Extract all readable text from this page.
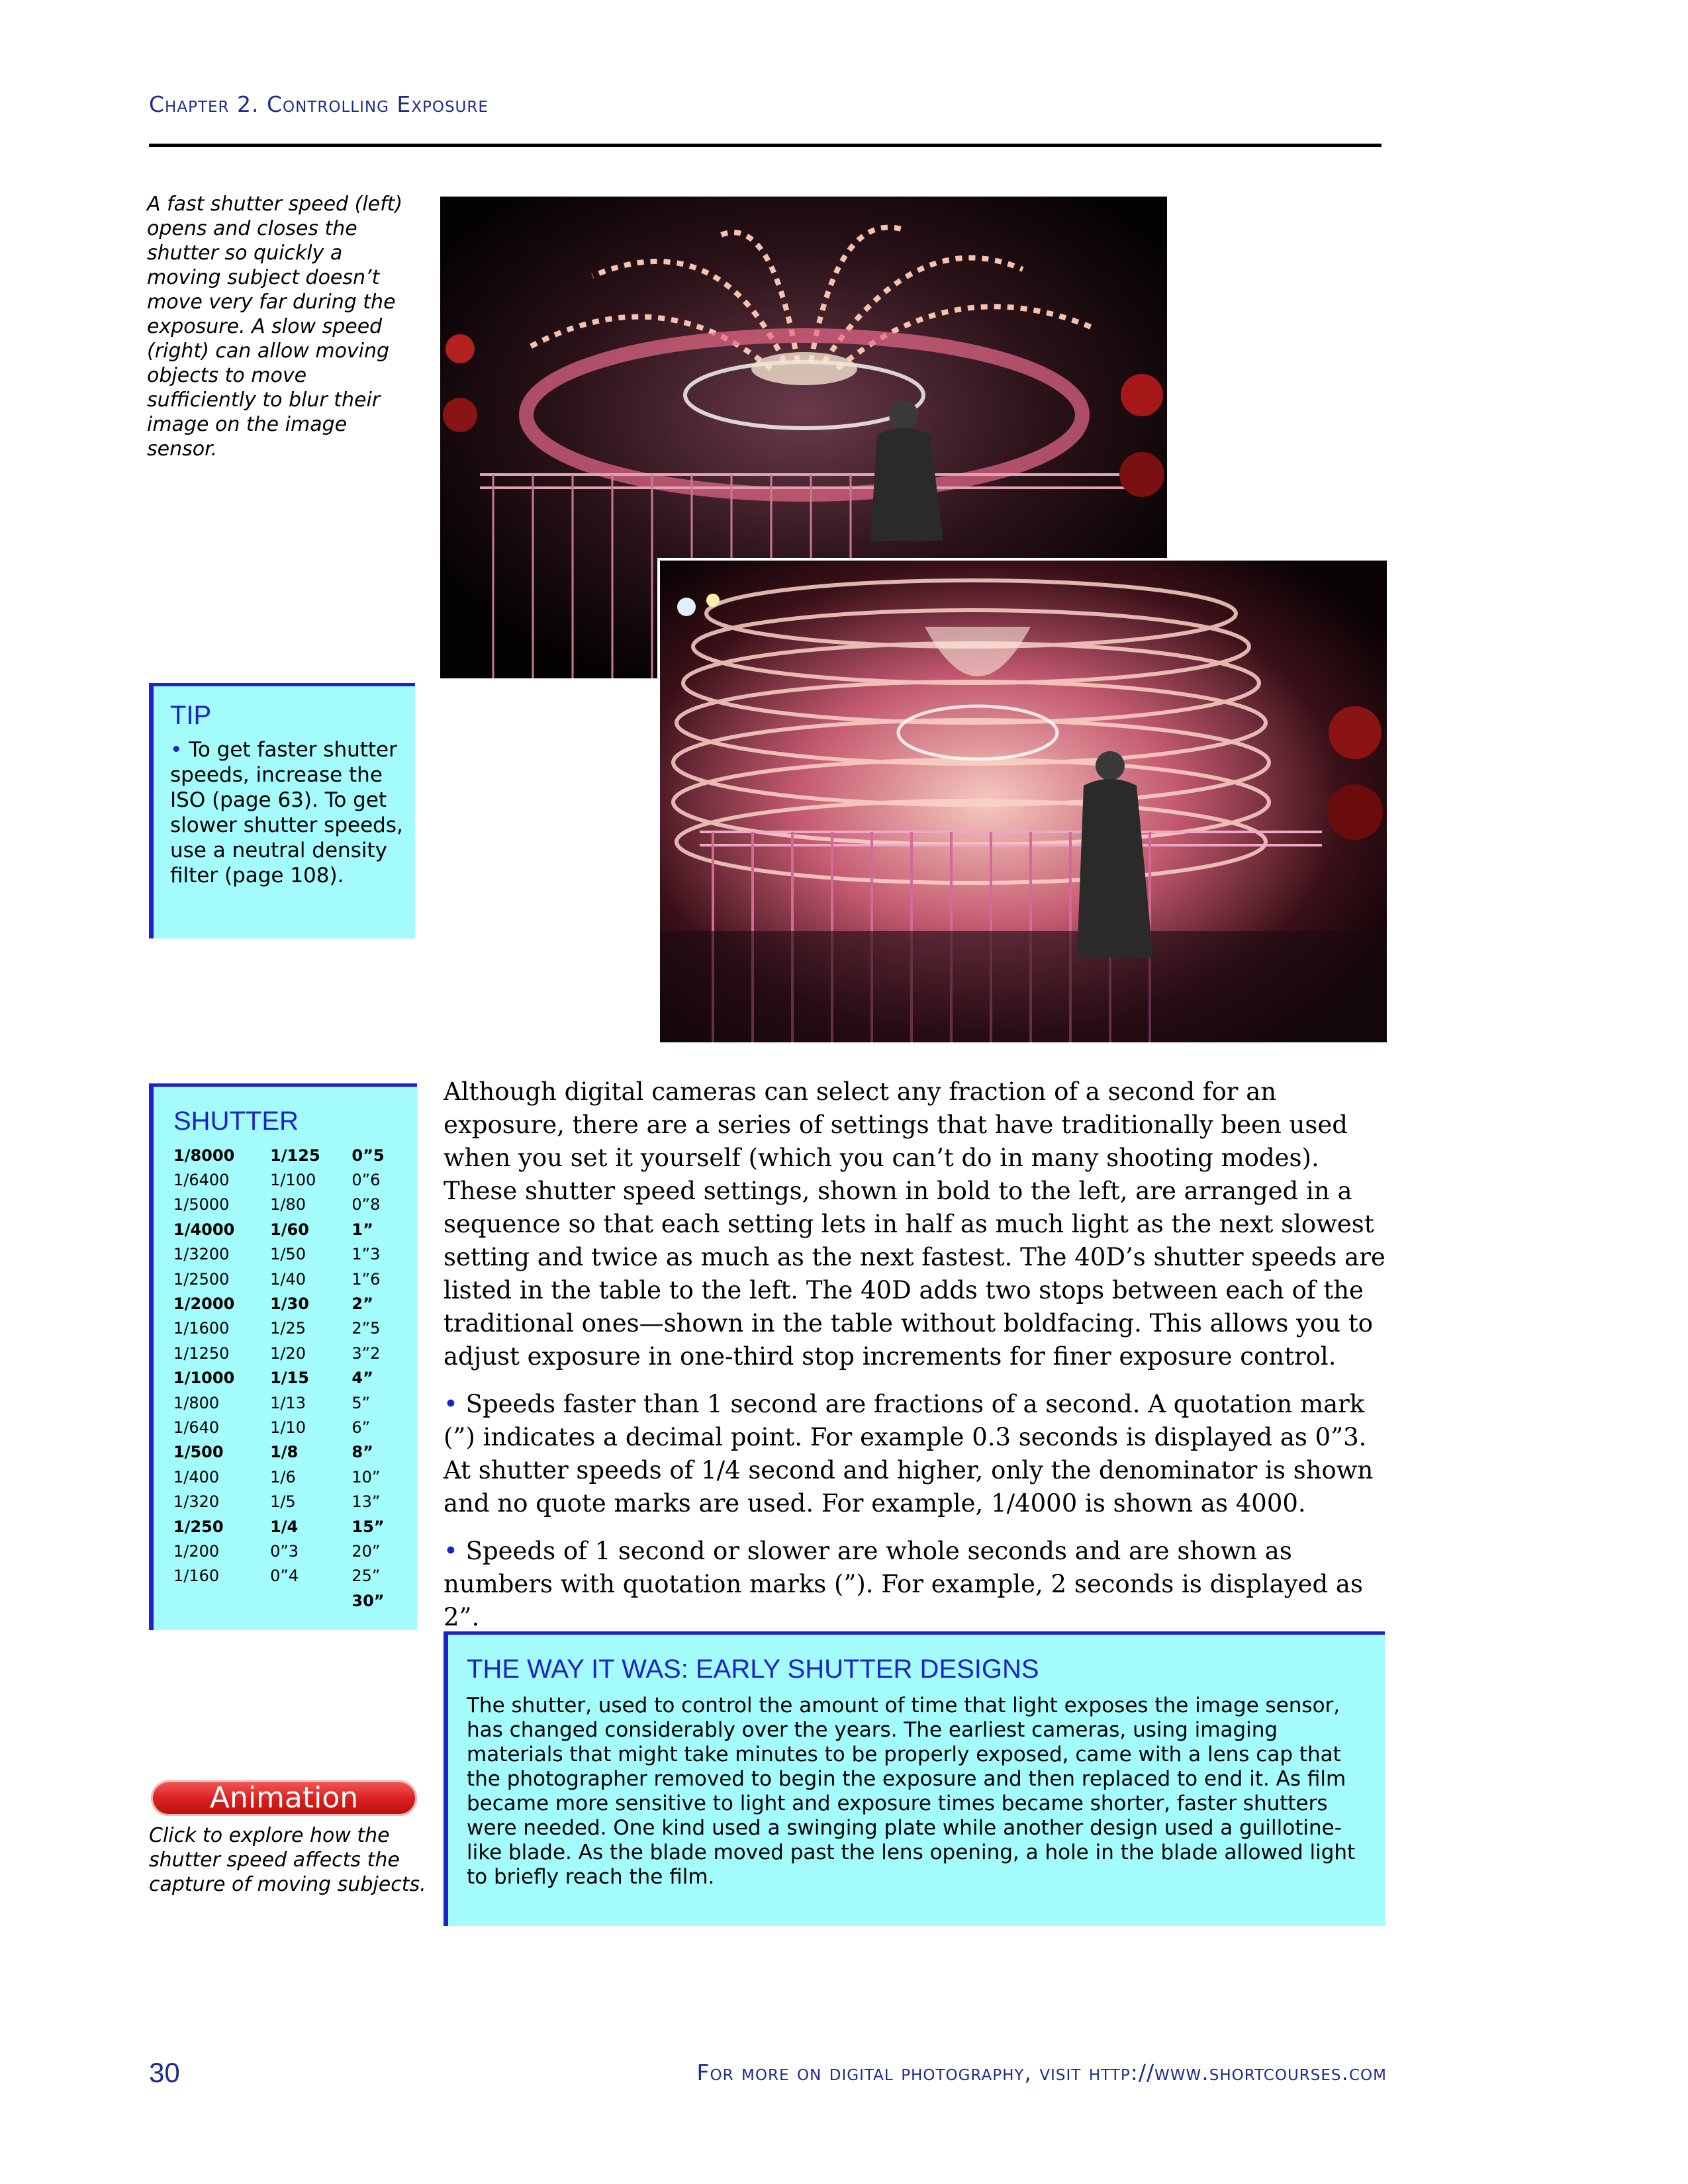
Chapter 2. Controlling Exposure
A fast shutter speed (left) opens and closes the shutter so quickly a moving subject doesn’t move very far during the exposure. A slow speed (right) can allow moving objects to move sufficiently to blur their image on the image sensor.
TIP
• To get faster shutter speeds, increase the ISO (page 63). To get slower shutter speeds, use a neutral density filter (page 108).
SHUTTER
1/8000	1/125	0”5
1/6400	1/100	0”6
1/5000	1/80	0”8
1/4000	1/60	1”
1/3200	1/50	1”3
1/2500	1/40	1”6
1/2000	1/30	2”
1/1600	1/25	2”5
1/1250	1/20	3”2
1/1000	1/15	4”
1/800	1/13	5”
1/640	1/10	6”
1/500	1/8	8”
1/400	1/6	10”
1/320	1/5	13”
1/250	1/4	15”
1/200	0”3	20”
1/160	0”4	25”
		30”
Animation
Click to explore how the shutter speed affects the capture of moving subjects.

Although digital cameras can select any fraction of a second for an exposure, there are a series of settings that have traditionally been used when you set it yourself (which you can’t do in many shooting modes). These shutter speed settings, shown in bold to the left, are arranged in a sequence so that each setting lets in half as much light as the next slowest setting and twice as much as the next fastest. The 40D’s shutter speeds are listed in the table to the left. The 40D adds two stops between each of the traditional ones—shown in the table without boldfacing. This allows you to adjust exposure in one-third stop increments for finer exposure control.

• Speeds faster than 1 second are fractions of a second. A quotation mark (”) indicates a decimal point. For example 0.3 seconds is displayed as 0”3. At shutter speeds of 1/4 second and higher, only the denominator is shown and no quote marks are used. For example, 1/4000 is shown as 4000.

• Speeds of 1 second or slower are whole seconds and are shown as numbers with quotation marks (”). For example, 2 seconds is displayed as 2”.

THE WAY IT WAS: EARLY SHUTTER DESIGNS
The shutter, used to control the amount of time that light exposes the image sensor, has changed considerably over the years. The earliest cameras, using imaging materials that might take minutes to be properly exposed, came with a lens cap that the photographer removed to begin the exposure and then replaced to end it. As film became more sensitive to light and exposure times became shorter, faster shutters were needed. One kind used a swinging plate while another design used a guillotine-like blade. As the blade moved past the lens opening, a hole in the blade allowed light to briefly reach the film.
30	For more on digital photography, visit http://www.shortcourses.com
